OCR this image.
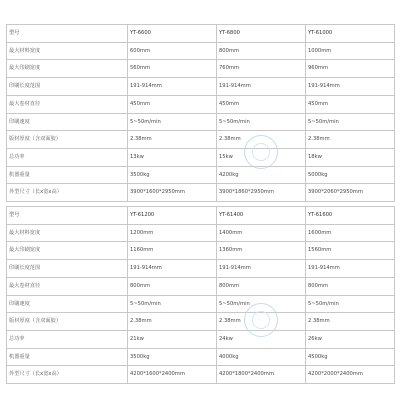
型号	YT-6600	YT-6800	YT-61000
最大材料宽度	600mm	800mm	1000mm
最大印刷宽度	560mm	760mm	960mm
印刷长度范围	191-914mm	191-914mm	191-914mm
最大卷材直径	450mm	450mm	450mm
印刷速度	5~50m/min	5~50m/min	5~50m/min
版材厚度（含双面胶）	2.38mm	2.38mm	2.38mm
总功率	13kw	15kw	18kw
机器重量	3500kg	4200kg	5000kg
外型尺寸（长x宽x高）	3900*1600*2950mm	3900*1860*2950mm	3900*2060*2950mm
型号	YT-61200	YT-61400	YT-61600
最大材料宽度	1200mm	1400mm	1600mm
最大印刷宽度	1160mm	1360mm	1560mm
印刷长度范围	191-914mm	191-914mm	191-914mm
最大卷材直径	800mm	800mm	800mm
印刷速度	5~50m/min	5~50m/min	5~50m/min
版材厚度（含双面胶）	2.38mm	2.38mm	2.38mm
总功率	21kw	24kw	26kw
机器重量	3500kg	4000kg	4500kg
外型尺寸（长x宽x高）	4200*1600*2400mm	4200*1800*2400mm	4200*2000*2400mm
